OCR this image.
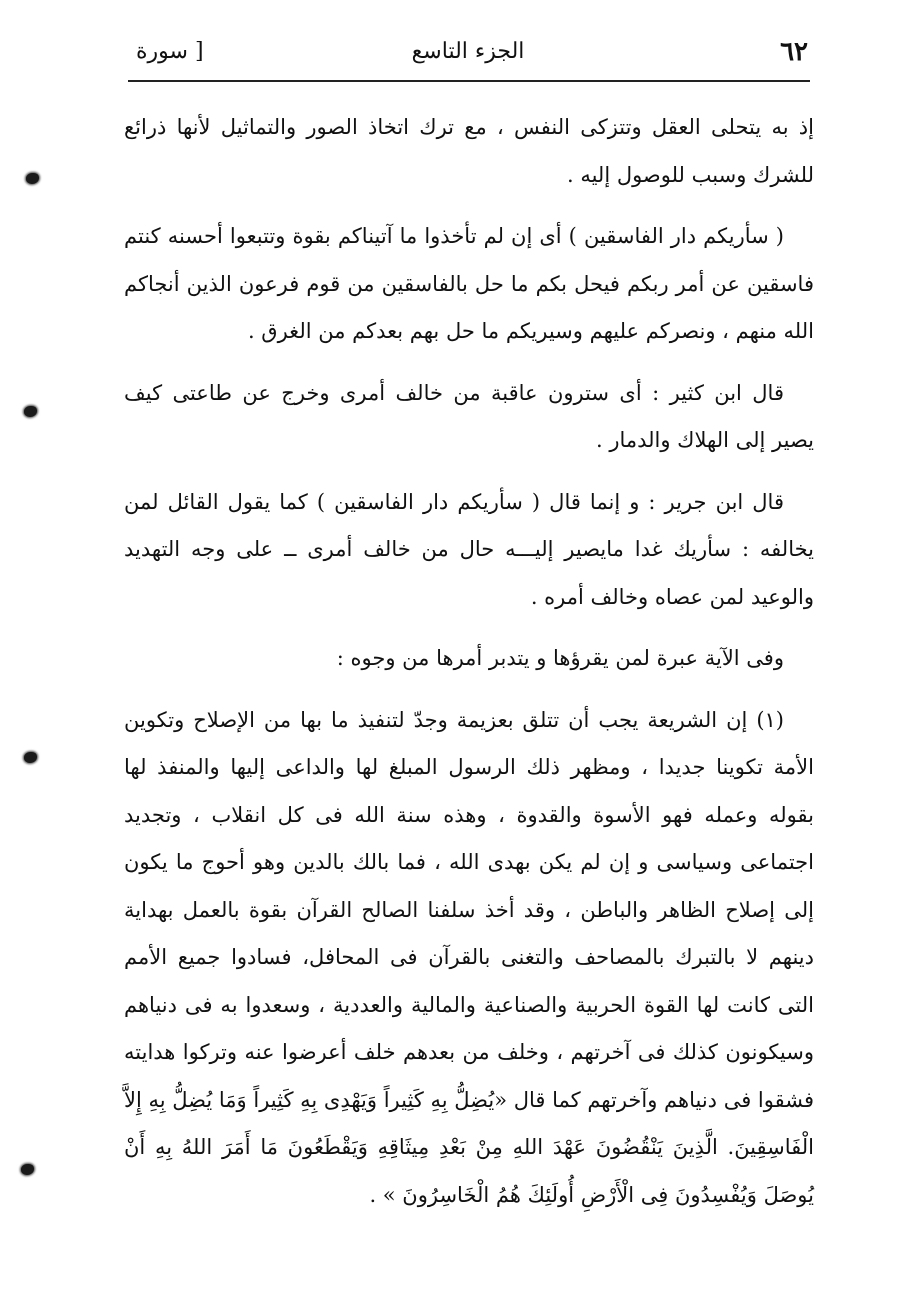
٦٢
الجزء التاسع
[ سورة

إذ به يتحلى العقل وتتزكى النفس ، مع ترك اتخاذ الصور والتماثيل لأنها ذرائع للشرك وسبب للوصول إليه .

( سأريكم دار الفاسقين ) أى إن لم تأخذوا ما آتيناكم بقوة وتتبعوا أحسنه كنتم فاسقين عن أمر ربكم فيحل بكم ما حل بالفاسقين من قوم فرعون الذين أنجاكم الله منهم ، ونصركم عليهم وسيريكم ما حل بهم بعدكم من الغرق .

قال ابن كثير : أى سترون عاقبة من خالف أمرى وخرج عن طاعتى كيف يصير إلى الهلاك والدمار .

قال ابن جرير : و إنما قال ( سأريكم دار الفاسقين ) كما يقول القائل لمن يخالفه : سأريك غدا مايصير إليـــه حال من خالف أمرى ــ على وجه التهديد والوعيد لمن عصاه وخالف أمره .

وفى الآية عبرة لمن يقرؤها و يتدبر أمرها من وجوه :

(١) إن الشريعة يجب أن تتلق بعزيمة وجدّ لتنفيذ ما بها من الإصلاح وتكوين الأمة تكوينا جديدا ، ومظهر ذلك الرسول المبلغ لها والداعى إليها والمنفذ لها بقوله وعمله فهو الأسوة والقدوة ، وهذه سنة الله فى كل انقلاب ، وتجديد اجتماعى وسياسى و إن لم يكن بهدى الله ، فما بالك بالدين وهو أحوج ما يكون إلى إصلاح الظاهر والباطن ، وقد أخذ سلفنا الصالح القرآن بقوة بالعمل بهداية دينهم لا بالتبرك بالمصاحف والتغنى بالقرآن فى المحافل، فسادوا جميع الأمم التى كانت لها القوة الحربية والصناعية والمالية والعددية ، وسعدوا به فى دنياهم وسيكونون كذلك فى آخرتهم ، وخلف من بعدهم خلف أعرضوا عنه وتركوا هدايته فشقوا فى دنياهم وآخرتهم كما قال «يُضِلُّ بِهِ كَثِيراً وَيَهْدِى بِهِ كَثِيراً وَمَا يُضِلُّ بِهِ إِلاَّ الْفَاسِقِينَ. الَّذِينَ يَنْقُضُونَ عَهْدَ اللهِ مِنْ بَعْدِ مِيثَاقِهِ وَيَقْطَعُونَ مَا أَمَرَ اللهُ بِهِ أَنْ يُوصَلَ وَيُفْسِدُونَ فِى الْأَرْضِ أُولَئِكَ هُمُ الْخَاسِرُونَ » .
